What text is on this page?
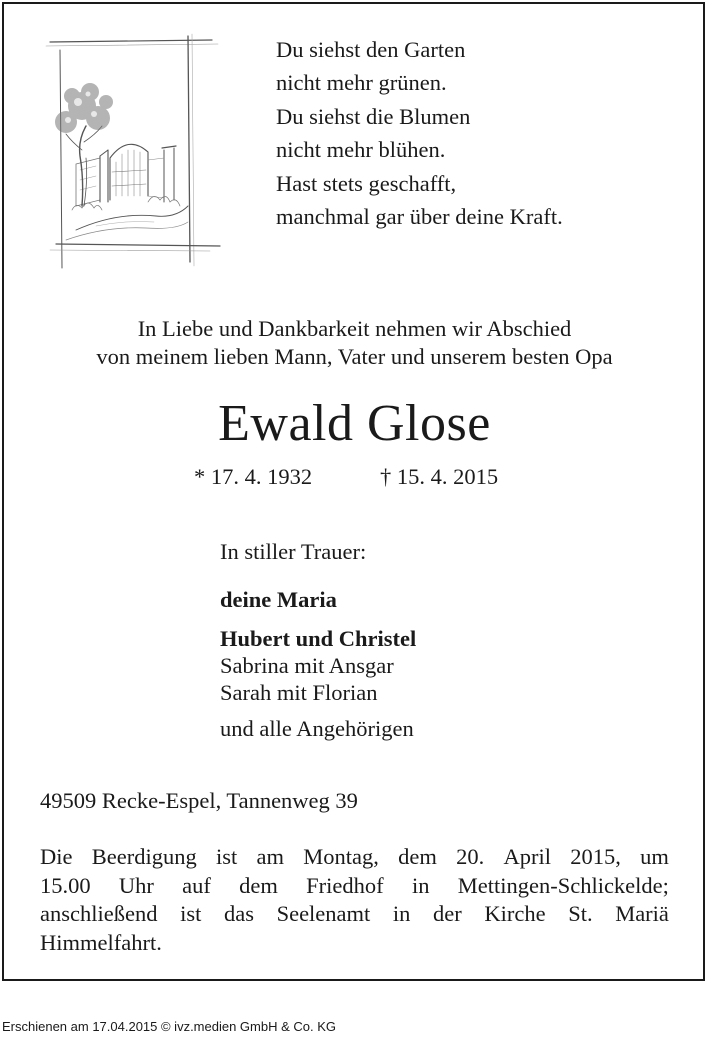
Du siehst den Garten
nicht mehr grünen.
Du siehst die Blumen
nicht mehr blühen.
Hast stets geschafft,
manchmal gar über deine Kraft.
In Liebe und Dankbarkeit nehmen wir Abschied
von meinem lieben Mann, Vater und unserem besten Opa
Ewald Glose
* 17. 4. 1932	† 15. 4. 2015
In stiller Trauer:
deine Maria
Hubert und Christel
Sabrina mit Ansgar
Sarah mit Florian
und alle Angehörigen
49509 Recke-Espel, Tannenweg 39
Die Beerdigung ist am Montag, dem 20. April 2015, um
15.00 Uhr auf dem Friedhof in Mettingen-Schlickelde;
anschließend ist das Seelenamt in der Kirche St. Mariä
Himmelfahrt.
Erschienen am 17.04.2015 © ivz.medien GmbH & Co. KG
